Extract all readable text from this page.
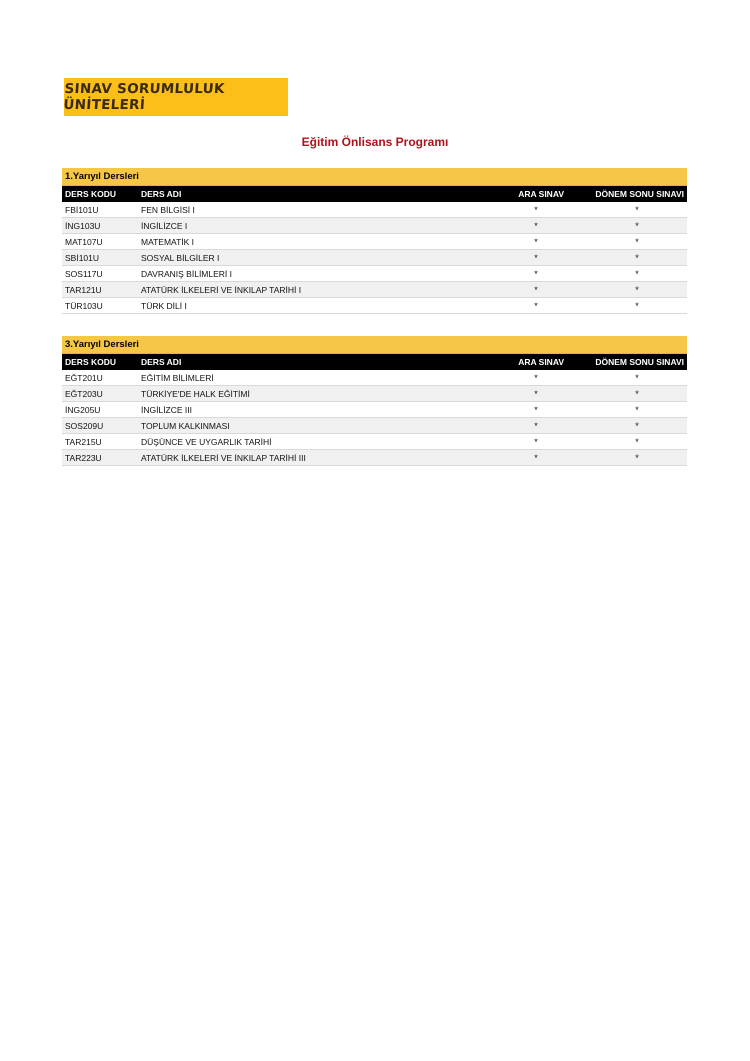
SINAV SORUMLULUK ÜNİTELERİ
Eğitim Önlisans Programı
1.Yarıyıl Dersleri
DERS KODU	DERS ADI	ARA SINAV	DÖNEM SONU SINAVI
FBİ101U	FEN BİLGİSİ I	*	*
İNG103U	İNGİLİZCE I	*	*
MAT107U	MATEMATİK I	*	*
SBİ101U	SOSYAL BİLGİLER I	*	*
SOS117U	DAVRANIŞ BİLİMLERİ I	*	*
TAR121U	ATATÜRK İLKELERİ VE İNKILAP TARİHİ I	*	*
TÜR103U	TÜRK DİLİ I	*	*
3.Yarıyıl Dersleri
DERS KODU	DERS ADI	ARA SINAV	DÖNEM SONU SINAVI
EĞT201U	EĞİTİM BİLİMLERİ	*	*
EĞT203U	TÜRKİYE'DE HALK EĞİTİMİ	*	*
İNG205U	İNGİLİZCE III	*	*
SOS209U	TOPLUM KALKINMASI	*	*
TAR215U	DÜŞÜNCE VE UYGARLIK TARİHİ	*	*
TAR223U	ATATÜRK İLKELERİ VE İNKILAP TARİHİ III	*	*
